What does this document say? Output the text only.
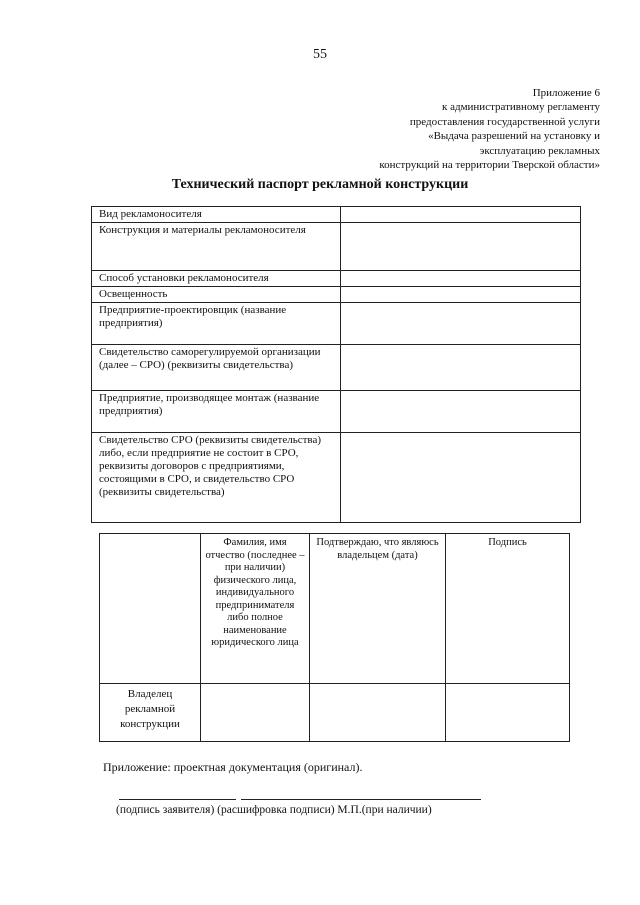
55
Приложение 6
к административному регламенту
предоставления государственной услуги
«Выдача разрешений на установку и
эксплуатацию рекламных
конструкций на территории Тверской области»
Технический паспорт рекламной конструкции
Вид рекламоносителя	
Конструкция и материалы рекламоносителя	
Способ установки рекламоносителя	
Освещенность	
Предприятие-проектировщик (название предприятия)	
Свидетельство саморегулируемой организации (далее – СРО) (реквизиты свидетельства)	
Предприятие, производящее монтаж (название предприятия)	
Свидетельство СРО (реквизиты свидетельства) либо, если предприятие не состоит в СРО, реквизиты договоров с предприятиями, состоящими в СРО, и свидетельство СРО (реквизиты свидетельства)	
	Фамилия, имя отчество (последнее – при наличии) физического лица, индивидуального предпринимателя либо полное наименование юридического лица	Подтверждаю, что являюсь владельцем (дата)	Подпись
Владелец рекламной конструкции			
Приложение: проектная документация (оригинал).
(подпись заявителя) (расшифровка подписи) М.П.(при наличии)
